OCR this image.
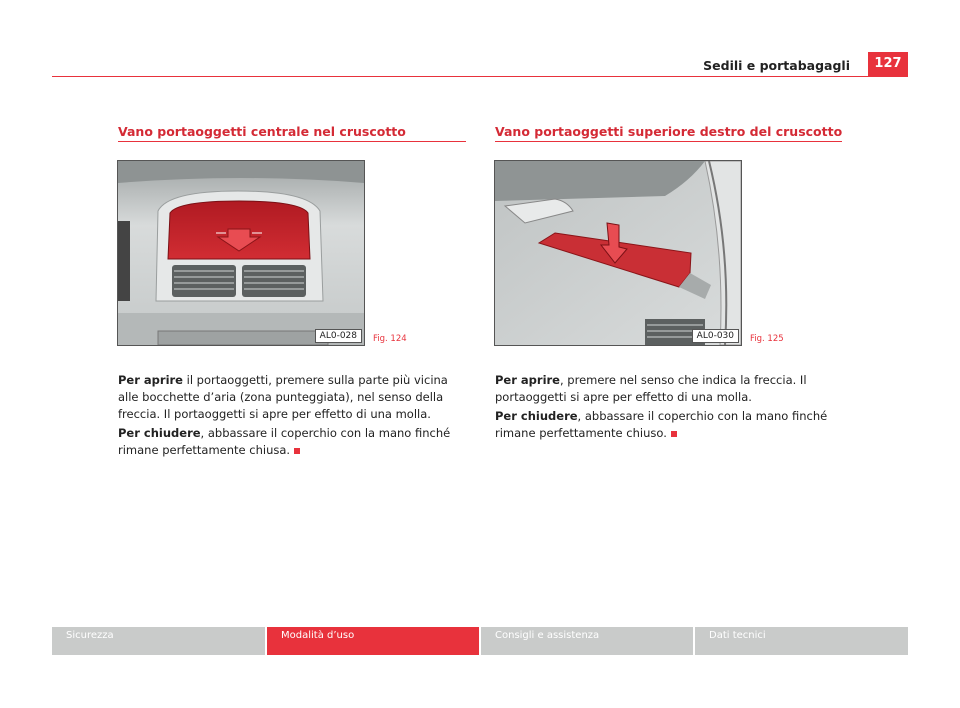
Sedili e portabagagli	127
Vano portaoggetti centrale nel cruscotto
AL0-028	Fig. 124

Per aprire il portaoggetti, premere sulla parte più vicina alle bocchette d’aria (zona punteggiata), nel senso della freccia. Il portaoggetti si apre per effetto di una molla.

Per chiudere, abbassare il coperchio con la mano finché rimane perfettamente chiusa.

Vano portaoggetti superiore destro del cruscotto
AL0-030	Fig. 125

Per aprire, premere nel senso che indica la freccia. Il portaoggetti si apre per effetto di una molla.

Per chiudere, abbassare il coperchio con la mano finché rimane perfettamente chiuso.

Sicurezza	Modalità d’uso	Consigli e assistenza	Dati tecnici
